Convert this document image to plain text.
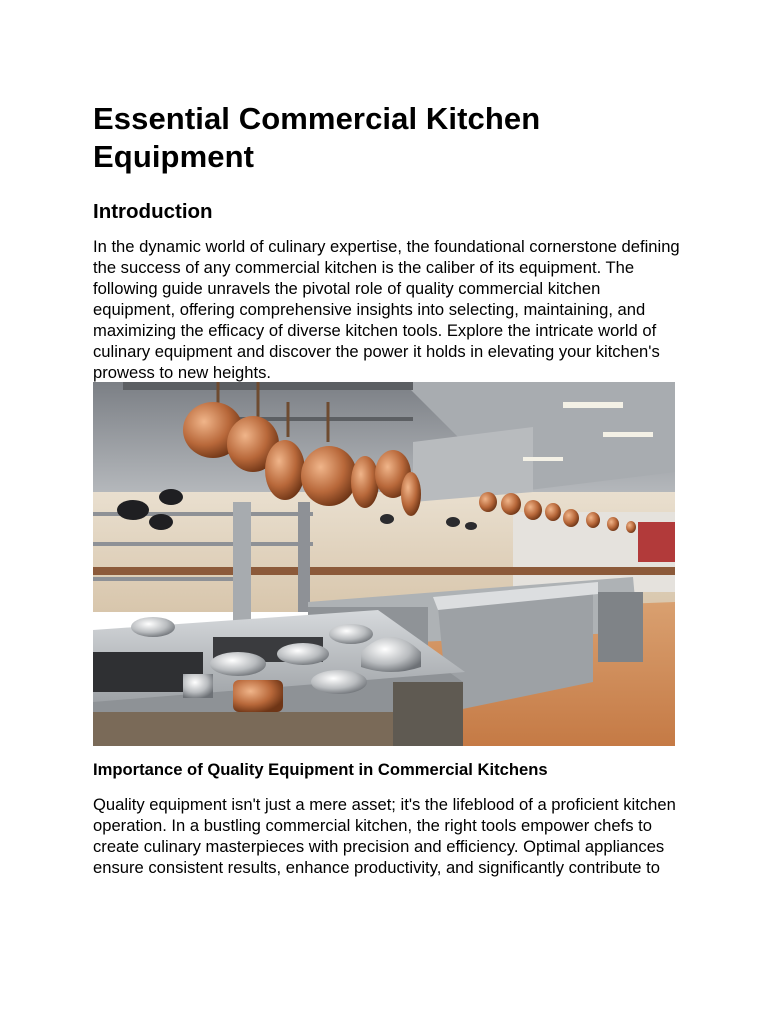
Essential Commercial Kitchen Equipment
Introduction

In the dynamic world of culinary expertise, the foundational cornerstone defining the success of any commercial kitchen is the caliber of its equipment. The following guide unravels the pivotal role of quality commercial kitchen equipment, offering comprehensive insights into selecting, maintaining, and maximizing the efficacy of diverse kitchen tools. Explore the intricate world of culinary equipment and discover the power it holds in elevating your kitchen's prowess to new heights.

Importance of Quality Equipment in Commercial Kitchens

Quality equipment isn't just a mere asset; it's the lifeblood of a proficient kitchen operation. In a bustling commercial kitchen, the right tools empower chefs to create culinary masterpieces with precision and efficiency. Optimal appliances ensure consistent results, enhance productivity, and significantly contribute to
